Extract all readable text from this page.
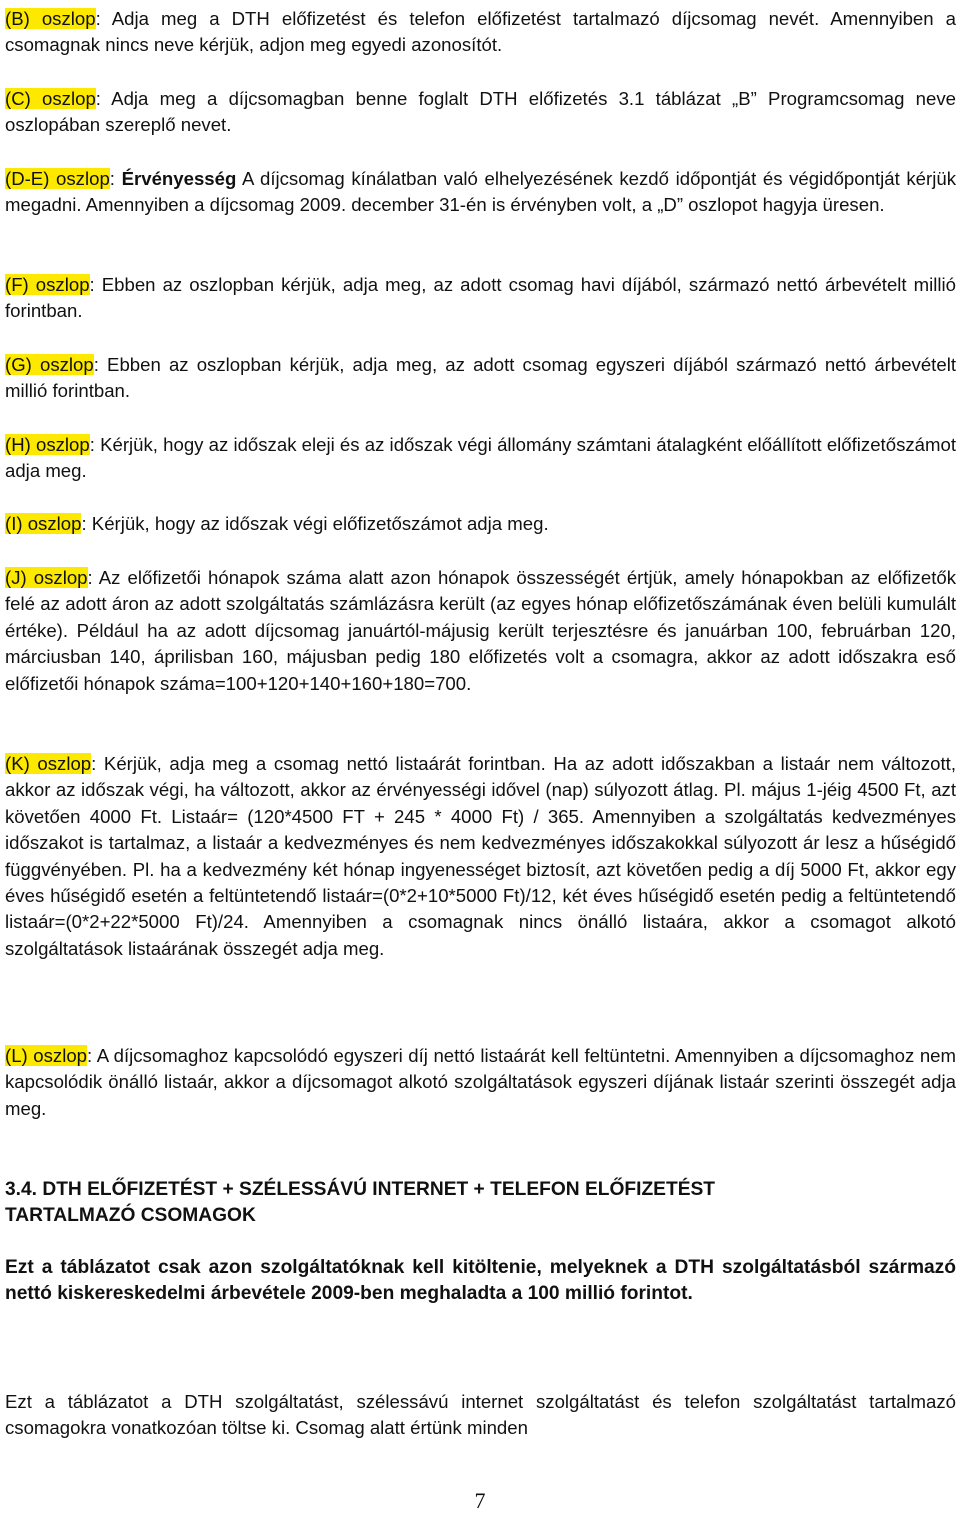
(B) oszlop: Adja meg a DTH előfizetést és telefon előfizetést tartalmazó díjcsomag nevét. Amennyiben a csomagnak nincs neve kérjük, adjon meg egyedi azonosítót.

(C) oszlop: Adja meg a díjcsomagban benne foglalt DTH előfizetés 3.1 táblázat „B” Programcsomag neve oszlopában szereplő nevet.

(D-E) oszlop: Érvényesség A díjcsomag kínálatban való elhelyezésének kezdő időpontját és végidőpontját kérjük megadni. Amennyiben a díjcsomag 2009. december 31-én is érvényben volt, a „D” oszlopot hagyja üresen.

(F) oszlop: Ebben az oszlopban kérjük, adja meg, az adott csomag havi díjából, származó nettó árbevételt millió forintban.

(G) oszlop: Ebben az oszlopban kérjük, adja meg, az adott csomag egyszeri díjából származó nettó árbevételt millió forintban.

(H) oszlop: Kérjük, hogy az időszak eleji és az időszak végi állomány számtani átalagként előállított előfizetőszámot adja meg.

(I) oszlop: Kérjük, hogy az időszak végi előfizetőszámot adja meg.

(J) oszlop: Az előfizetői hónapok száma alatt azon hónapok összességét értjük, amely hónapokban az előfizetők felé az adott áron az adott szolgáltatás számlázásra került (az egyes hónap előfizetőszámának éven belüli kumulált értéke). Például ha az adott díjcsomag januártól-májusig került terjesztésre és januárban 100, februárban 120, márciusban 140, áprilisban 160, májusban pedig 180 előfizetés volt a csomagra, akkor az adott időszakra eső előfizetői hónapok száma=100+120+140+160+180=700.

(K) oszlop: Kérjük, adja meg a csomag nettó listaárát forintban. Ha az adott időszakban a listaár nem változott, akkor az időszak végi, ha változott, akkor az érvényességi idővel (nap) súlyozott átlag. Pl. május 1-jéig 4500 Ft, azt követően 4000 Ft. Listaár= (120*4500 FT + 245 * 4000 Ft) / 365. Amennyiben a szolgáltatás kedvezményes időszakot is tartalmaz, a listaár a kedvezményes és nem kedvezményes időszakokkal súlyozott ár lesz a hűségidő függvényében. Pl. ha a kedvezmény két hónap ingyenességet biztosít, azt követően pedig a díj 5000 Ft, akkor egy éves hűségidő esetén a feltüntetendő listaár=(0*2+10*5000 Ft)/12, két éves hűségidő esetén pedig a feltüntetendő listaár=(0*2+22*5000 Ft)/24. Amennyiben a csomagnak nincs önálló listaára, akkor a csomagot alkotó szolgáltatások listaárának összegét adja meg.

(L) oszlop: A díjcsomaghoz kapcsolódó egyszeri díj nettó listaárát kell feltüntetni. Amennyiben a díjcsomaghoz nem kapcsolódik önálló listaár, akkor a díjcsomagot alkotó szolgáltatások egyszeri díjának listaár szerinti összegét adja meg.

3.4. DTH ELŐFIZETÉST + SZÉLESSÁVÚ INTERNET + TELEFON ELŐFIZETÉST
TARTALMAZÓ CSOMAGOK

Ezt a táblázatot csak azon szolgáltatóknak kell kitöltenie, melyeknek a DTH szolgáltatásból származó nettó kiskereskedelmi árbevétele 2009-ben meghaladta a 100 millió forintot.

Ezt a táblázatot a DTH szolgáltatást, szélessávú internet szolgáltatást és telefon szolgáltatást tartalmazó csomagokra vonatkozóan töltse ki. Csomag alatt értünk minden

7
